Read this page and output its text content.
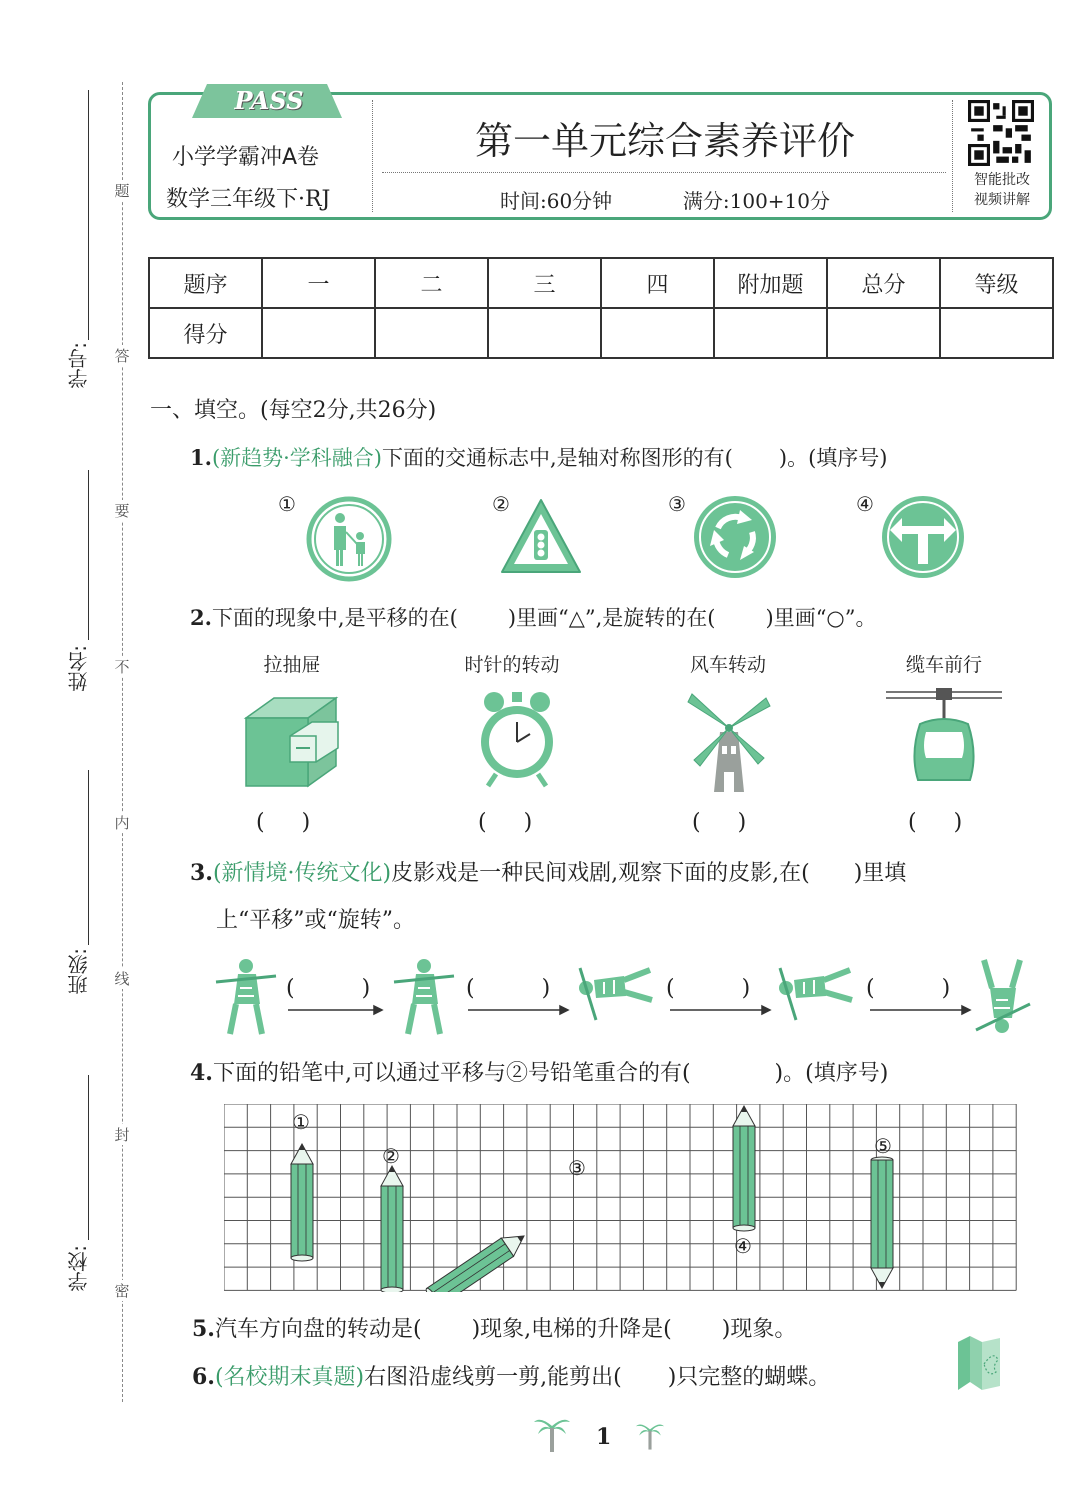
题
答
要
不
内
线
封
密
学号:
姓名:
班级:
学校:
PASS
小学学霸冲A卷
数学三年级下·RJ
第一单元综合素养评价
时间:60分钟	满分:100+10分
智能批改
视频讲解
题序	一	二	三	四	附加题	总分	等级
得分							
一、填空。(每空2分,共26分)
1.(新趋势·学科融合)下面的交通标志中,是轴对称图形的有( )。(填序号)
①	②	③	④
2.下面的现象中,是平移的在( )里画“△”,是旋转的在( )里画“○”。
拉抽屉	时针的转动	风车转动	缆车前行
( )	( )	( )	( )
3.(新情境·传统文化)皮影戏是一种民间戏剧,观察下面的皮影,在( )里填
上“平移”或“旋转”。
(	)	(	)	(	)	(	)
4.下面的铅笔中,可以通过平移与②号铅笔重合的有(	)。(填序号)
①
②	③
④
⑤
5.汽车方向盘的转动是( )现象,电梯的升降是( )现象。
6.(名校期末真题)右图沿虚线剪一剪,能剪出( )只完整的蝴蝶。
1
